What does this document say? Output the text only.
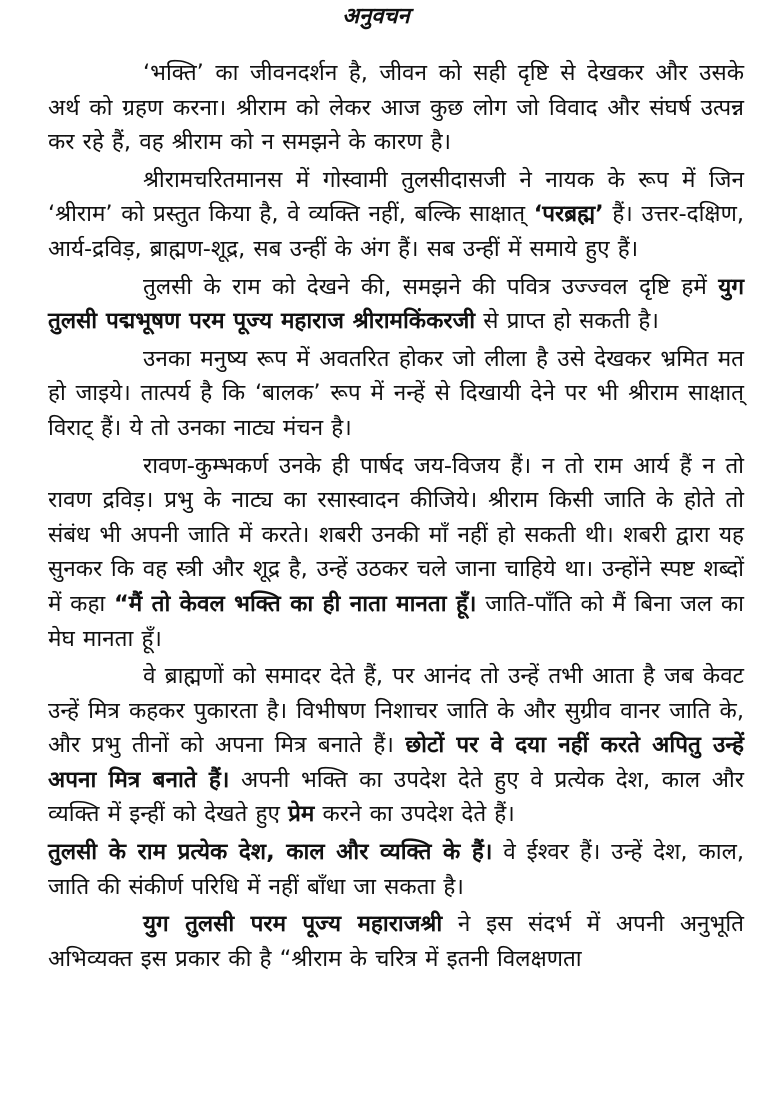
अनुवचन

‘भक्ति’ का जीवनदर्शन है, जीवन को सही दृष्टि से देखकर और उसके अर्थ को ग्रहण करना। श्रीराम को लेकर आज कुछ लोग जो विवाद और संघर्ष उत्पन्न कर रहे हैं, वह श्रीराम को न समझने के कारण है।

श्रीरामचरितमानस में गोस्वामी तुलसीदासजी ने नायक के रूप में जिन ‘श्रीराम’ को प्रस्तुत किया है, वे व्यक्ति नहीं, बल्कि साक्षात् ‘परब्रह्म’ हैं। उत्तर-दक्षिण, आर्य-द्रविड़, ब्राह्मण-शूद्र, सब उन्हीं के अंग हैं। सब उन्हीं में समाये हुए हैं।

तुलसी के राम को देखने की, समझने की पवित्र उज्ज्वल दृष्टि हमें युग तुलसी पद्मभूषण परम पूज्य महाराज श्रीरामकिंकरजी से प्राप्त हो सकती है।

उनका मनुष्य रूप में अवतरित होकर जो लीला है उसे देखकर भ्रमित मत हो जाइये। तात्पर्य है कि ‘बालक’ रूप में नन्हें से दिखायी देने पर भी श्रीराम साक्षात् विराट् हैं। ये तो उनका नाट्य मंचन है।

रावण-कुम्भकर्ण उनके ही पार्षद जय-विजय हैं। न तो राम आर्य हैं न तो रावण द्रविड़। प्रभु के नाट्य का रसास्वादन कीजिये। श्रीराम किसी जाति के होते तो संबंध भी अपनी जाति में करते। शबरी उनकी माँ नहीं हो सकती थी। शबरी द्वारा यह सुनकर कि वह स्त्री और शूद्र है, उन्हें उठकर चले जाना चाहिये था। उन्होंने स्पष्ट शब्दों में कहा “मैं तो केवल भक्ति का ही नाता मानता हूँ। जाति-पाँति को मैं बिना जल का मेघ मानता हूँ।

वे ब्राह्मणों को समादर देते हैं, पर आनंद तो उन्हें तभी आता है जब केवट उन्हें मित्र कहकर पुकारता है। विभीषण निशाचर जाति के और सुग्रीव वानर जाति के, और प्रभु तीनों को अपना मित्र बनाते हैं। छोटों पर वे दया नहीं करते अपितु उन्हें अपना मित्र बनाते हैं। अपनी भक्ति का उपदेश देते हुए वे प्रत्येक देश, काल और व्यक्ति में इन्हीं को देखते हुए प्रेम करने का उपदेश देते हैं।

तुलसी के राम प्रत्येक देश, काल और व्यक्ति के हैं। वे ईश्वर हैं। उन्हें देश, काल, जाति की संकीर्ण परिधि में नहीं बाँधा जा सकता है।

युग तुलसी परम पूज्य महाराजश्री ने इस संदर्भ में अपनी अनुभूति अभिव्यक्त इस प्रकार की है “श्रीराम के चरित्र में इतनी विलक्षणता
